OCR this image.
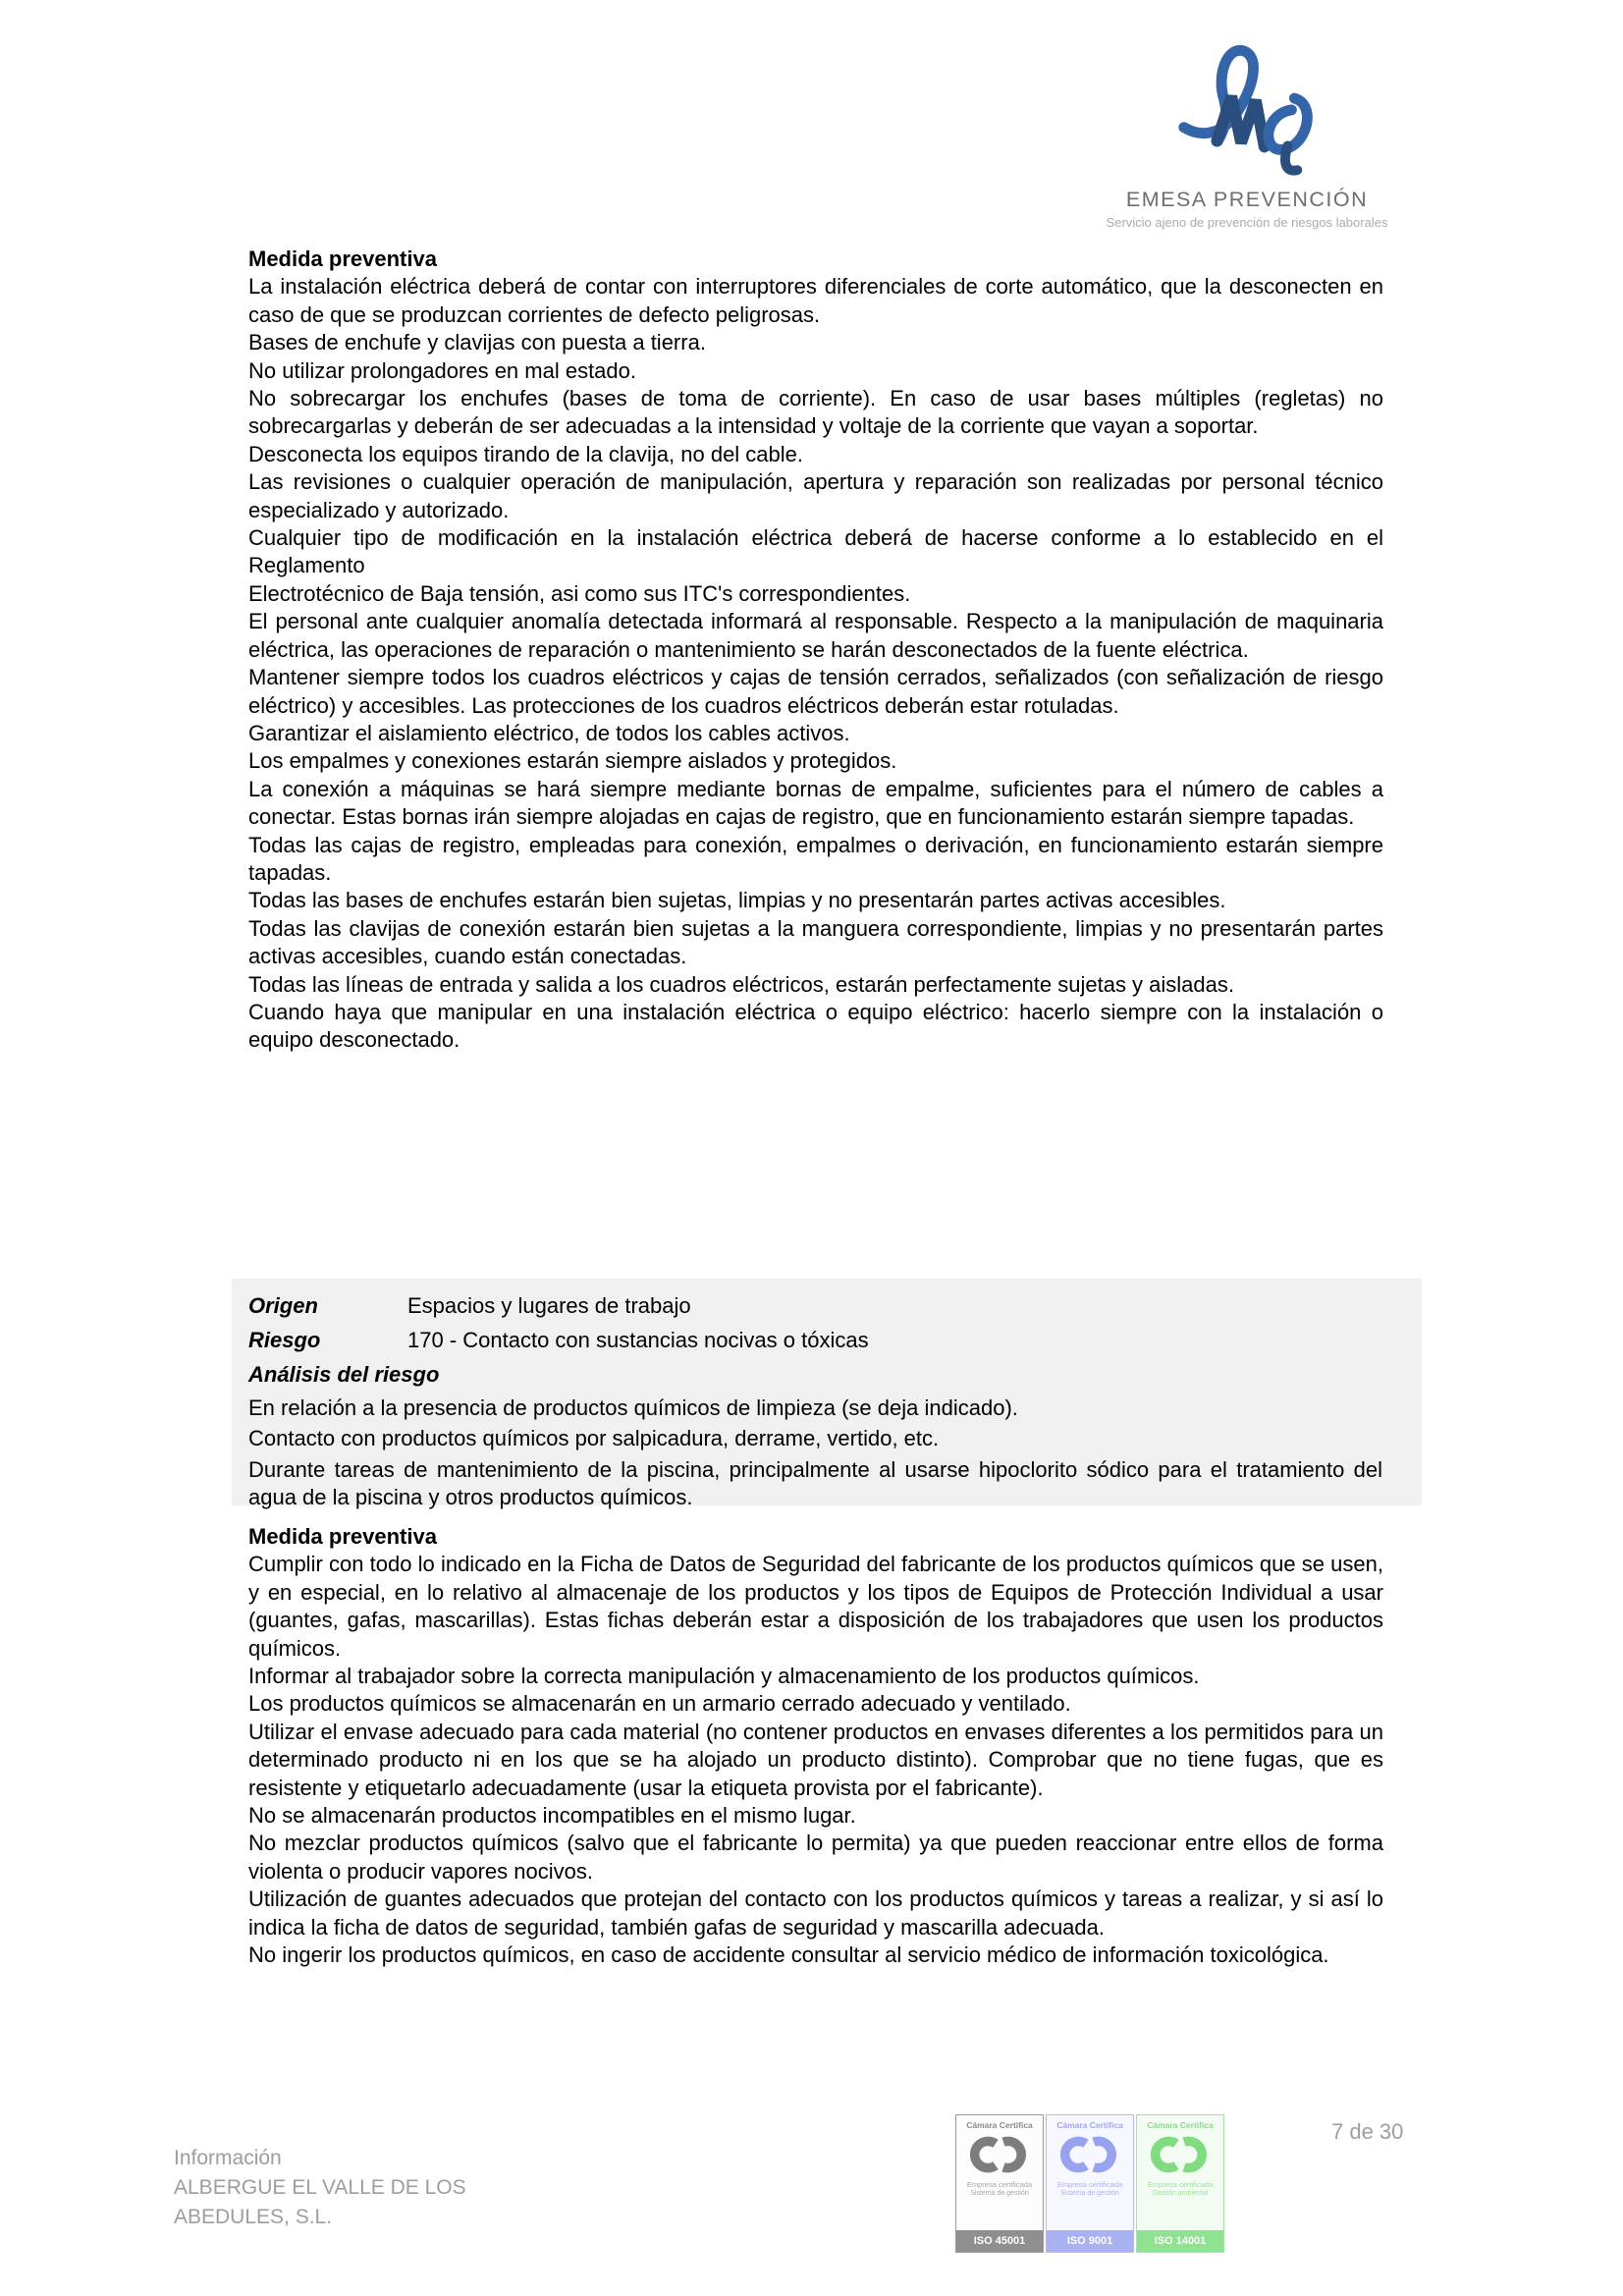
EMESA PREVENCIÓN
Servicio ajeno de prevención de riesgos laborales
Medida preventiva

La instalación eléctrica deberá de contar con interruptores diferenciales de corte automático, que la desconecten en caso de que se produzcan corrientes de defecto peligrosas.

Bases de enchufe y clavijas con puesta a tierra.

No utilizar prolongadores en mal estado.

No sobrecargar los enchufes (bases de toma de corriente). En caso de usar bases múltiples (regletas) no sobrecargarlas y deberán de ser adecuadas a la intensidad y voltaje de la corriente que vayan a soportar.

Desconecta los equipos tirando de la clavija, no del cable.

Las revisiones o cualquier operación de manipulación, apertura y reparación son realizadas por personal técnico especializado y autorizado.

Cualquier tipo de modificación en la instalación eléctrica deberá de hacerse conforme a lo establecido en el Reglamento

Electrotécnico de Baja tensión, asi como sus ITC's correspondientes.

El personal ante cualquier anomalía detectada informará al responsable. Respecto a la manipulación de maquinaria eléctrica, las operaciones de reparación o mantenimiento se harán desconectados de la fuente eléctrica.

Mantener siempre todos los cuadros eléctricos y cajas de tensión cerrados, señalizados (con señalización de riesgo eléctrico) y accesibles. Las protecciones de los cuadros eléctricos deberán estar rotuladas.

Garantizar el aislamiento eléctrico, de todos los cables activos.

Los empalmes y conexiones estarán siempre aislados y protegidos.

La conexión a máquinas se hará siempre mediante bornas de empalme, suficientes para el número de cables a conectar. Estas bornas irán siempre alojadas en cajas de registro, que en funcionamiento estarán siempre tapadas.

Todas las cajas de registro, empleadas para conexión, empalmes o derivación, en funcionamiento estarán siempre tapadas.

Todas las bases de enchufes estarán bien sujetas, limpias y no presentarán partes activas accesibles.

Todas las clavijas de conexión estarán bien sujetas a la manguera correspondiente, limpias y no presentarán partes activas accesibles, cuando están conectadas.

Todas las líneas de entrada y salida a los cuadros eléctricos, estarán perfectamente sujetas y aisladas.

Cuando haya que manipular en una instalación eléctrica o equipo eléctrico: hacerlo siempre con la instalación o equipo desconectado.

Origen	Espacios y lugares de trabajo
Riesgo	170 - Contacto con sustancias nocivas o tóxicas
Análisis del riesgo

En relación a la presencia de productos químicos de limpieza (se deja indicado).

Contacto con productos químicos por salpicadura, derrame, vertido, etc.

Durante tareas de mantenimiento de la piscina, principalmente al usarse hipoclorito sódico para el tratamiento del agua de la piscina y otros productos químicos.

Medida preventiva

Cumplir con todo lo indicado en la Ficha de Datos de Seguridad del fabricante de los productos químicos que se usen, y en especial, en lo relativo al almacenaje de los productos y los tipos de Equipos de Protección Individual a usar (guantes, gafas, mascarillas). Estas fichas deberán estar a disposición de los trabajadores que usen los productos químicos.

Informar al trabajador sobre la correcta manipulación y almacenamiento de los productos químicos.

Los productos químicos se almacenarán en un armario cerrado adecuado y ventilado.

Utilizar el envase adecuado para cada material (no contener productos en envases diferentes a los permitidos para un determinado producto ni en los que se ha alojado un producto distinto). Comprobar que no tiene fugas, que es resistente y etiquetarlo adecuadamente (usar la etiqueta provista por el fabricante).

No se almacenarán productos incompatibles en el mismo lugar.

No mezclar productos químicos (salvo que el fabricante lo permita) ya que pueden reaccionar entre ellos de forma violenta o producir vapores nocivos.

Utilización de guantes adecuados que protejan del contacto con los productos químicos y tareas a realizar, y si así lo indica la ficha de datos de seguridad, también gafas de seguridad y mascarilla adecuada.

No ingerir los productos químicos, en caso de accidente consultar al servicio médico de información toxicológica.

Información
ALBERGUE EL VALLE DE LOS
ABEDULES, S.L.
Cámara Certifica
Empresa certificada
Sistema de gestión
ISO 45001
Cámara Certifica
Empresa certificada
Sistema de gestión
ISO 9001
Cámara Certifica
Empresa certificada
Gestión ambiental
ISO 14001
7 de 30
